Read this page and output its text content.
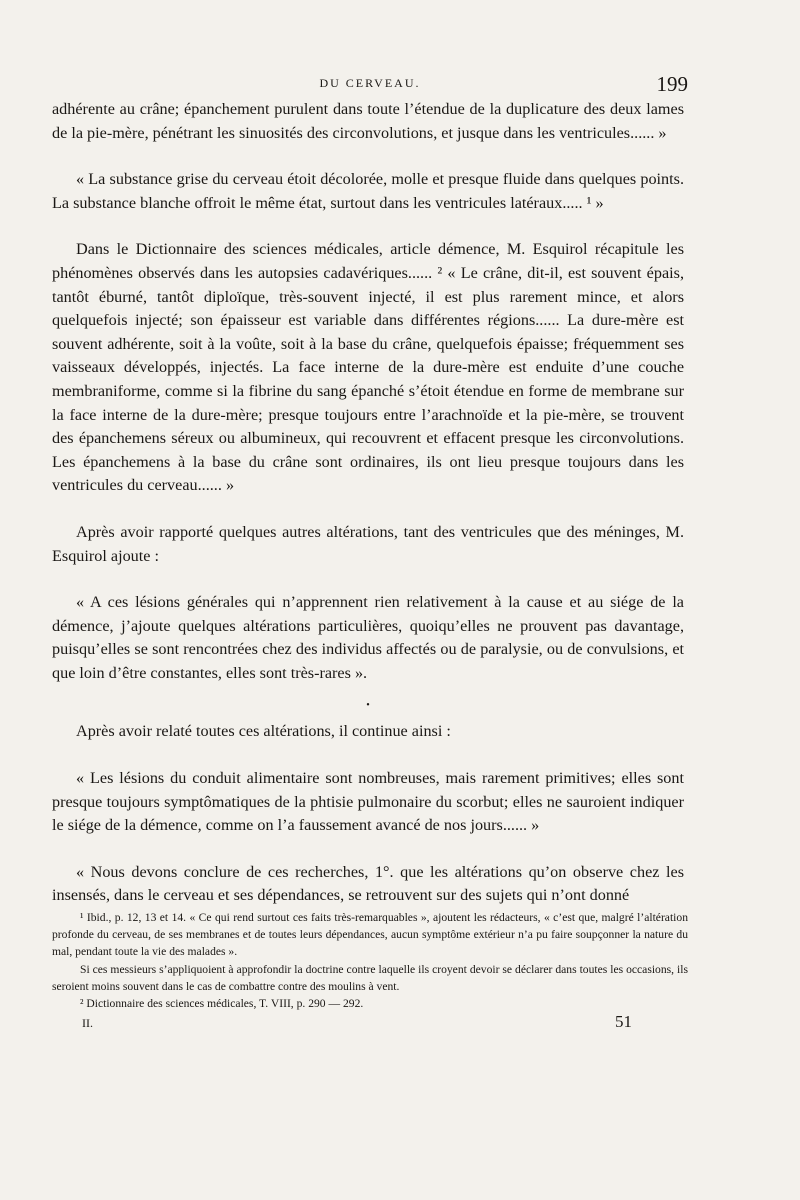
DU CERVEAU.	199

adhérente au crâne; épanchement purulent dans toute l’étendue de la duplicature des deux lames de la pie-mère, pénétrant les sinuosités des circonvolutions, et jusque dans les ventricules...... »

« La substance grise du cerveau étoit décolorée, molle et presque fluide dans quelques points. La substance blanche offroit le même état, surtout dans les ventricules latéraux..... ¹ »

Dans le Dictionnaire des sciences médicales, article démence, M. Esquirol récapitule les phénomènes observés dans les autopsies cadavériques...... ² « Le crâne, dit-il, est souvent épais, tantôt éburné, tantôt diploïque, très-souvent injecté, il est plus rarement mince, et alors quelquefois injecté; son épaisseur est variable dans différentes régions...... La dure-mère est souvent adhérente, soit à la voûte, soit à la base du crâne, quelquefois épaisse; fréquemment ses vaisseaux développés, injectés. La face interne de la dure-mère est enduite d’une couche membraniforme, comme si la fibrine du sang épanché s’étoit étendue en forme de membrane sur la face interne de la dure-mère; presque toujours entre l’arachnoïde et la pie-mère, se trouvent des épanchemens séreux ou albumineux, qui recouvrent et effacent presque les circonvolutions. Les épanchemens à la base du crâne sont ordinaires, ils ont lieu presque toujours dans les ventricules du cerveau...... »

Après avoir rapporté quelques autres altérations, tant des ventricules que des méninges, M. Esquirol ajoute :

« A ces lésions générales qui n’apprennent rien relativement à la cause et au siége de la démence, j’ajoute quelques altérations particulières, quoiqu’elles ne prouvent pas davantage, puisqu’elles se sont rencontrées chez des individus affectés ou de paralysie, ou de convulsions, et que loin d’être constantes, elles sont très-rares ».

•

Après avoir relaté toutes ces altérations, il continue ainsi :

« Les lésions du conduit alimentaire sont nombreuses, mais rarement primitives; elles sont presque toujours symptômatiques de la phtisie pulmonaire du scorbut; elles ne sauroient indiquer le siége de la démence, comme on l’a faussement avancé de nos jours...... »

« Nous devons conclure de ces recherches, 1°. que les altérations qu’on observe chez les insensés, dans le cerveau et ses dépendances, se retrouvent sur des sujets qui n’ont donné

¹ Ibid., p. 12, 13 et 14. « Ce qui rend surtout ces faits très-remarquables », ajoutent les rédacteurs, « c’est que, malgré l’altération profonde du cerveau, de ses membranes et de toutes leurs dépendances, aucun symptôme extérieur n’a pu faire soupçonner la nature du mal, pendant toute la vie des malades ».

Si ces messieurs s’appliquoient à approfondir la doctrine contre laquelle ils croyent devoir se déclarer dans toutes les occasions, ils seroient moins souvent dans le cas de combattre contre des moulins à vent.

² Dictionnaire des sciences médicales, T. VIII, p. 290 — 292.

II.	51
